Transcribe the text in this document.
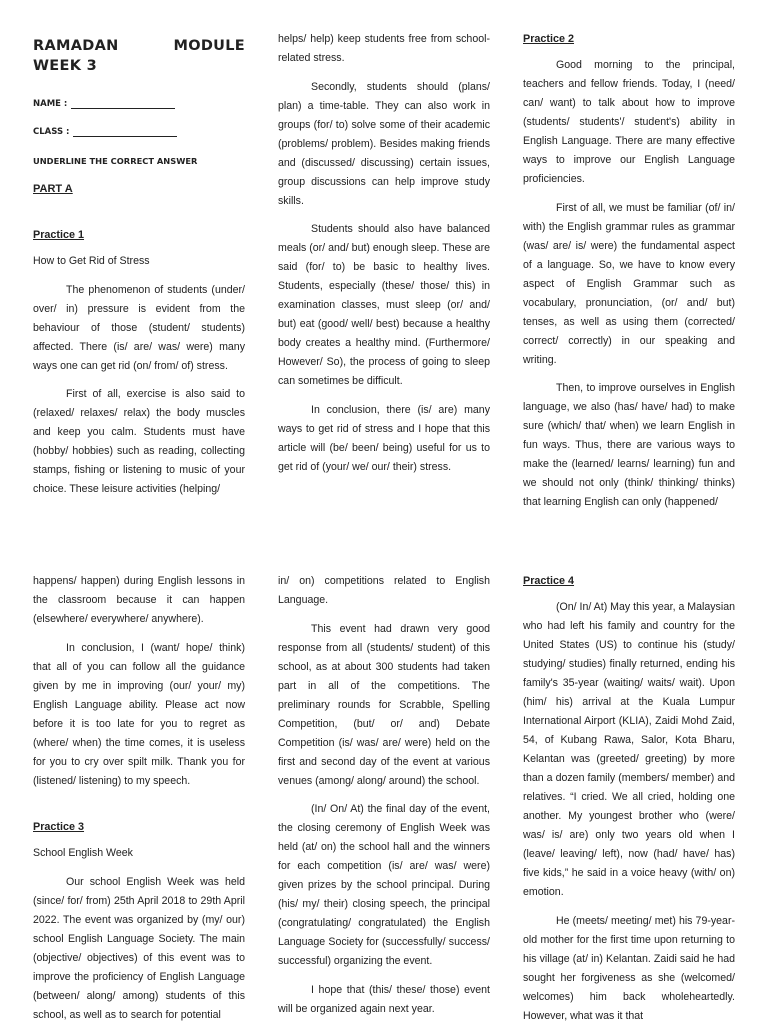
RAMADAN MODULE WEEK 3
NAME :
CLASS :
UNDERLINE THE CORRECT ANSWER
PART A

Practice 1

How to Get Rid of Stress

The phenomenon of students (under/ over/ in) pressure is evident from the behaviour of those (student/ students) affected. There (is/ are/ was/ were) many ways one can get rid (on/ from/ of) stress.

First of all, exercise is also said to (relaxed/ relaxes/ relax) the body muscles and keep you calm. Students must have (hobby/ hobbies) such as reading, collecting stamps, fishing or listening to music of your choice. These leisure activities (helping/

helps/ help) keep students free from school-related stress.

Secondly, students should (plans/ plan) a time-table. They can also work in groups (for/ to) solve some of their academic (problems/ problem). Besides making friends and (discussed/ discussing) certain issues, group discussions can help improve study skills.

Students should also have balanced meals (or/ and/ but) enough sleep. These are said (for/ to) be basic to healthy lives. Students, especially (these/ those/ this) in examination classes, must sleep (or/ and/ but) eat (good/ well/ best) because a healthy body creates a healthy mind. (Furthermore/ However/ So), the process of going to sleep can sometimes be difficult.

In conclusion, there (is/ are) many ways to get rid of stress and I hope that this article will (be/ been/ being) useful for us to get rid of (your/ we/ our/ their) stress.

Practice 2

Good morning to the principal, teachers and fellow friends. Today, I (need/ can/ want) to talk about how to improve (students/ students'/ student's) ability in English Language. There are many effective ways to improve our English Language proficiencies.

First of all, we must be familiar (of/ in/ with) the English grammar rules as grammar (was/ are/ is/ were) the fundamental aspect of a language. So, we have to know every aspect of English Grammar such as vocabulary, pronunciation, (or/ and/ but) tenses, as well as using them (corrected/ correct/ correctly) in our speaking and writing.

Then, to improve ourselves in English language, we also (has/ have/ had) to make sure (which/ that/ when) we learn English in fun ways. Thus, there are various ways to make the (learned/ learns/ learning) fun and we should not only (think/ thinking/ thinks) that learning English can only (happened/

happens/ happen) during English lessons in the classroom because it can happen (elsewhere/ everywhere/ anywhere).

In conclusion, I (want/ hope/ think) that all of you can follow all the guidance given by me in improving (our/ your/ my) English Language ability. Please act now before it is too late for you to regret as (where/ when) the time comes, it is useless for you to cry over spilt milk. Thank you for (listened/ listening) to my speech.

Practice 3

School English Week

Our school English Week was held (since/ for/ from) 25th April 2018 to 29th April 2022. The event was organized by (my/ our) school English Language Society. The main (objective/ objectives) of this event was to improve the proficiency of English Language (between/ along/ among) students of this school, as well as to search for potential

in/ on) competitions related to English Language.

This event had drawn very good response from all (students/ student) of this school, as at about 300 students had taken part in all of the competitions. The preliminary rounds for Scrabble, Spelling Competition, (but/ or/ and) Debate Competition (is/ was/ are/ were) held on the first and second day of the event at various venues (among/ along/ around) the school.

(In/ On/ At) the final day of the event, the closing ceremony of English Week was held (at/ on) the school hall and the winners for each competition (is/ are/ was/ were) given prizes by the school principal. During (his/ my/ their) closing speech, the principal (congratulating/ congratulated) the English Language Society for (successfully/ success/ successful) organizing the event.

I hope that (this/ these/ those) event will be organized again next year.

Practice 4

(On/ In/ At) May this year, a Malaysian who had left his family and country for the United States (US) to continue his (study/ studying/ studies) finally returned, ending his family's 35-year (waiting/ waits/ wait). Upon (him/ his) arrival at the Kuala Lumpur International Airport (KLIA), Zaidi Mohd Zaid, 54, of Kubang Rawa, Salor, Kota Bharu, Kelantan was (greeted/ greeting) by more than a dozen family (members/ member) and relatives. “I cried. We all cried, holding one another. My youngest brother who (were/ was/ is/ are) only two years old when I (leave/ leaving/ left), now (had/ have/ has) five kids,” he said in a voice heavy (with/ on) emotion.

He (meets/ meeting/ met) his 79-year-old mother for the first time upon returning to his village (at/ in) Kelantan. Zaidi said he had sought her forgiveness as she (welcomed/ welcomes) him back wholeheartedly. However, what was it that
